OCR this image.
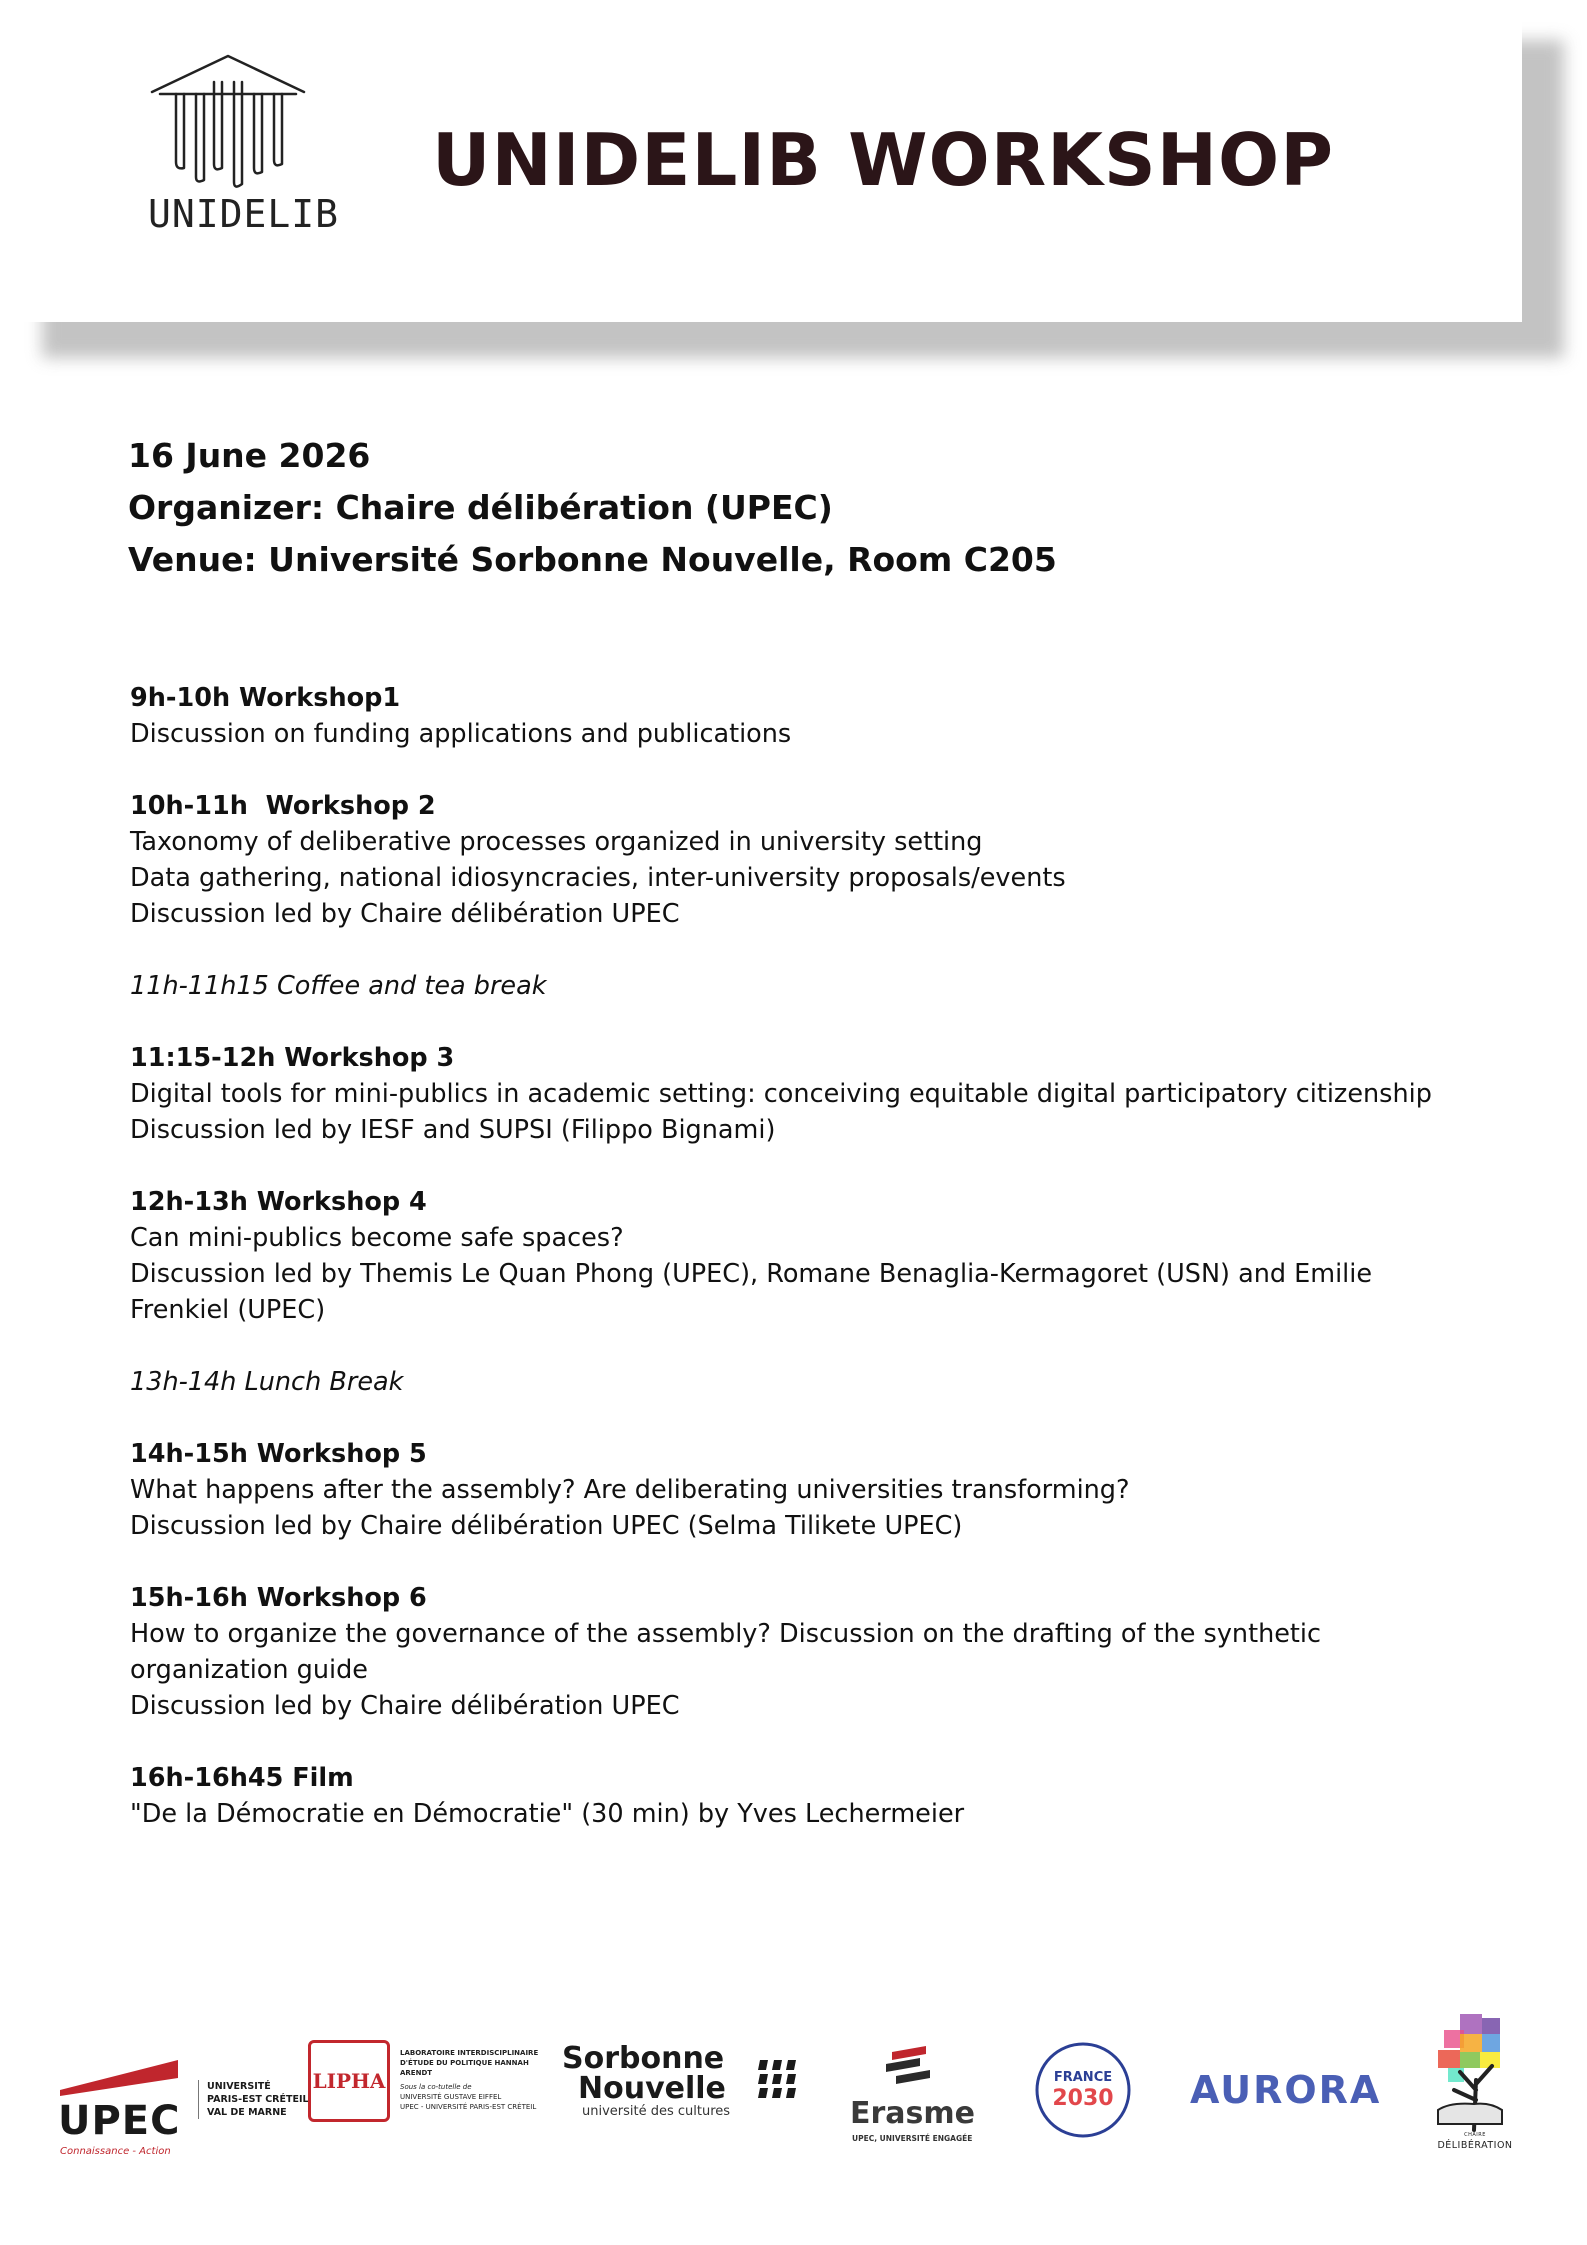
UNIDELIB
UNIDELIB WORKSHOP
16 June 2026
Organizer: Chaire délibération (UPEC)
Venue: Université Sorbonne Nouvelle, Room C205
9h-10h Workshop1
Discussion on funding applications and publications
10h-11h  Workshop 2
Taxonomy of deliberative processes organized in university setting
Data gathering, national idiosyncracies, inter-university proposals/events
Discussion led by Chaire délibération UPEC
11h-11h15 Coffee and tea break
11:15-12h Workshop 3
Digital tools for mini-publics in academic setting: conceiving equitable digital participatory citizenship
Discussion led by IESF and SUPSI (Filippo Bignami)
12h-13h Workshop 4
Can mini-publics become safe spaces?
Discussion led by Themis Le Quan Phong (UPEC), Romane Benaglia-Kermagoret (USN) and Emilie Frenkiel (UPEC)
13h-14h Lunch Break
14h-15h Workshop 5
What happens after the assembly? Are deliberating universities transforming?
Discussion led by Chaire délibération UPEC (Selma Tilikete UPEC)
15h-16h Workshop 6
How to organize the governance of the assembly? Discussion on the drafting of the synthetic organization guide
Discussion led by Chaire délibération UPEC
16h-16h45 Film
"De la Démocratie en Démocratie" (30 min) by Yves Lechermeier
UPEC
Connaissance - Action
UNIVERSITÉ
PARIS-EST CRÉTEIL
VAL DE MARNE
LIPHA
LABORATOIRE INTERDISCIPLINAIRE
D'ÉTUDE DU POLITIQUE HANNAH ARENDT
Sous la co-tutelle de
UNIVERSITÉ GUSTAVE EIFFEL
UPEC - UNIVERSITÉ PARIS-EST CRÉTEIL
Sorbonne
Nouvelle
université des cultures	Erasme
UPEC, UNIVERSITÉ ENGAGÉE
FRANCE
2030	AURORA
CHAIRE
DÉLIBÉRATION
